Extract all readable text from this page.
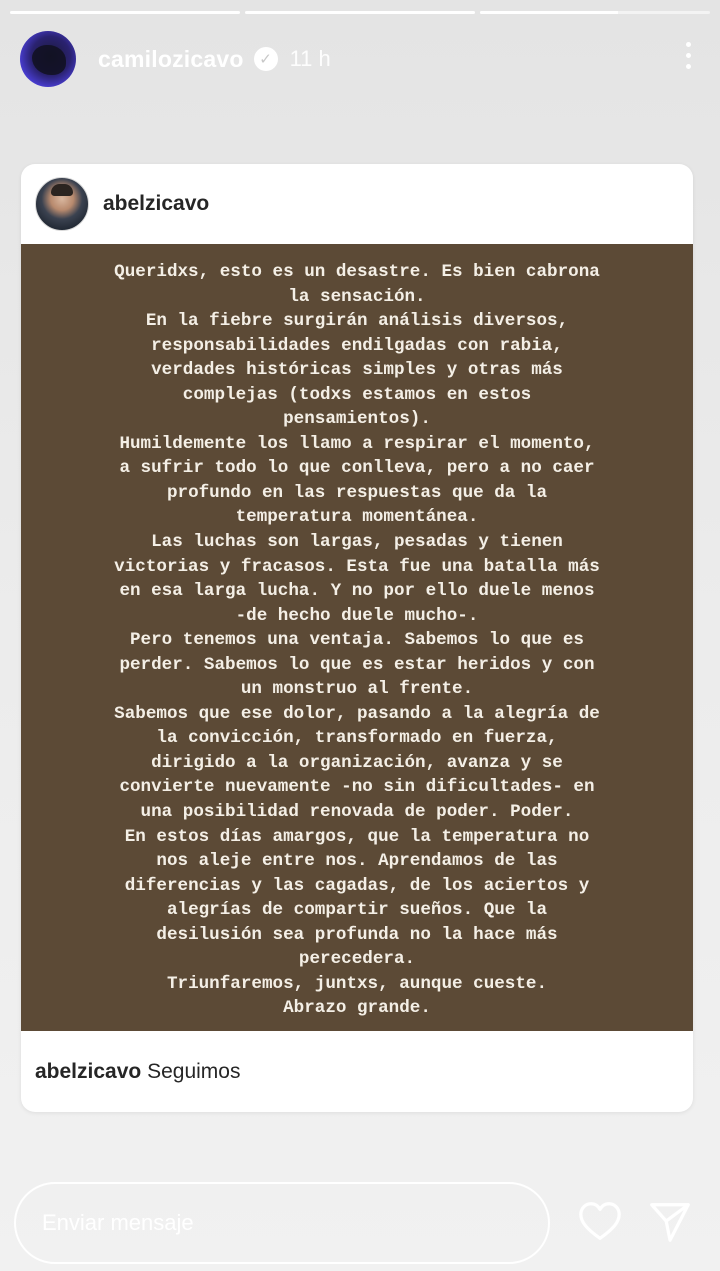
camilozicavo	✓ 11 h
abelzicavo
Queridxs, esto es un desastre. Es bien cabrona
la sensación.
En la fiebre surgirán análisis diversos,
responsabilidades endilgadas con rabia,
verdades históricas simples y otras más
complejas (todxs estamos en estos
pensamientos).
Humildemente los llamo a respirar el momento,
a sufrir todo lo que conlleva, pero a no caer
profundo en las respuestas que da la
temperatura momentánea.
Las luchas son largas, pesadas y tienen
victorias y fracasos. Esta fue una batalla más
en esa larga lucha. Y no por ello duele menos
-de hecho duele mucho-.
Pero tenemos una ventaja. Sabemos lo que es
perder. Sabemos lo que es estar heridos y con
un monstruo al frente.
Sabemos que ese dolor, pasando a la alegría de
la convicción, transformado en fuerza,
dirigido a la organización, avanza y se
convierte nuevamente -no sin dificultades- en
una posibilidad renovada de poder. Poder.
En estos días amargos, que la temperatura no
nos aleje entre nos. Aprendamos de las
diferencias y las cagadas, de los aciertos y
alegrías de compartir sueños. Que la
desilusión sea profunda no la hace más
perecedera.
Triunfaremos, juntxs, aunque cueste.
Abrazo grande.
abelzicavo Seguimos
Enviar mensaje
